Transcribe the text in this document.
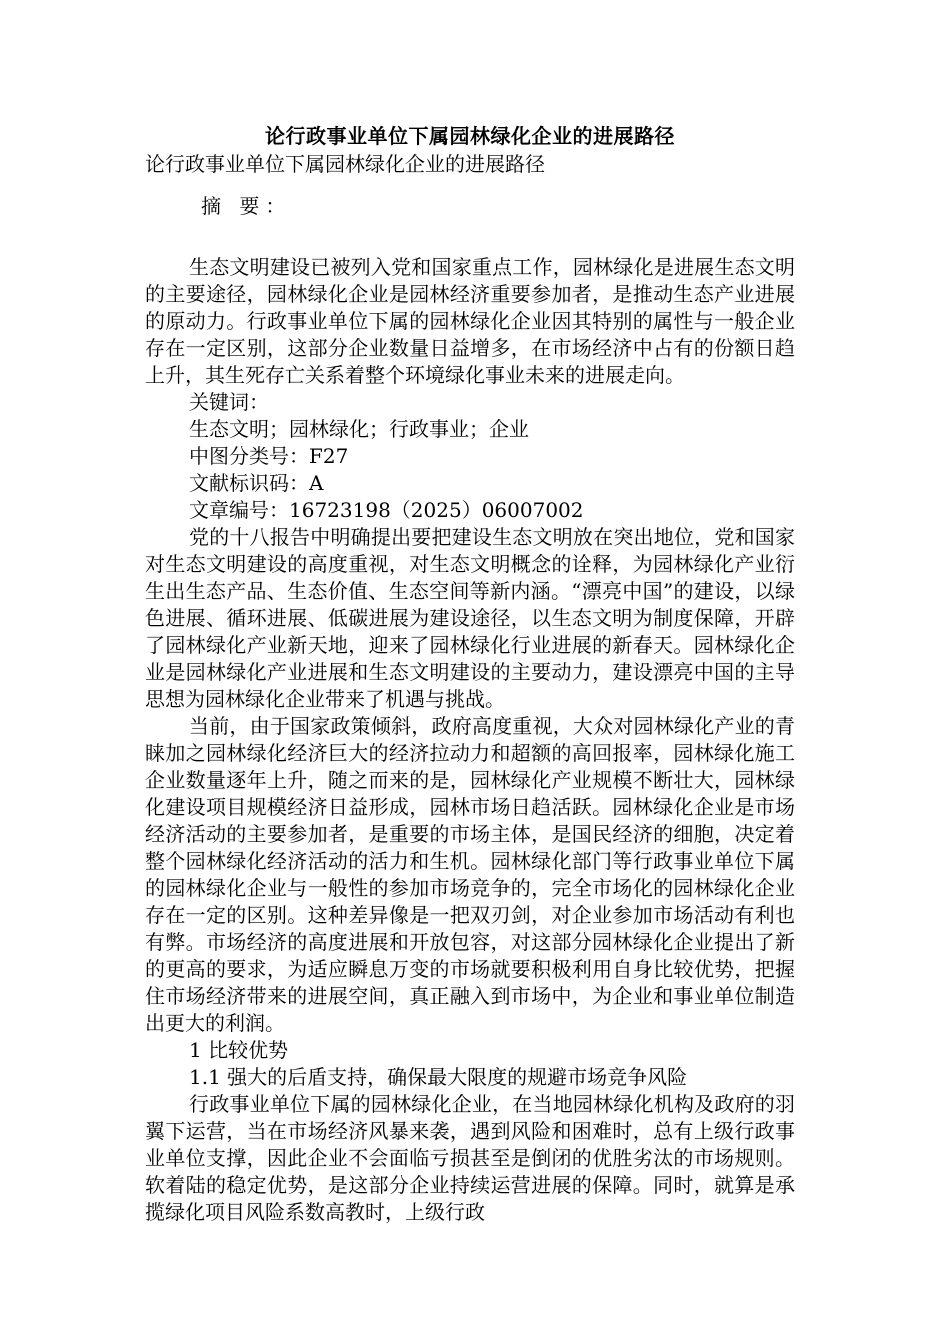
论行政事业单位下属园林绿化企业的进展路径

论行政事业单位下属园林绿化企业的进展路径

摘 要：

生态文明建设已被列入党和国家重点工作，园林绿化是进展生态文明的主要途径，园林绿化企业是园林经济重要参加者，是推动生态产业进展的原动力。行政事业单位下属的园林绿化企业因其特别的属性与一般企业存在一定区别，这部分企业数量日益增多，在市场经济中占有的份额日趋上升，其生死存亡关系着整个环境绿化事业未来的进展走向。

关键词：

生态文明；园林绿化；行政事业；企业

中图分类号：F27

文献标识码：A

文章编号：16723198（2025）06007002

党的十八报告中明确提出要把建设生态文明放在突出地位，党和国家对生态文明建设的高度重视，对生态文明概念的诠释，为园林绿化产业衍生出生态产品、生态价值、生态空间等新内涵。“漂亮中国”的建设，以绿色进展、循环进展、低碳进展为建设途径，以生态文明为制度保障，开辟了园林绿化产业新天地，迎来了园林绿化行业进展的新春天。园林绿化企业是园林绿化产业进展和生态文明建设的主要动力，建设漂亮中国的主导思想为园林绿化企业带来了机遇与挑战。

当前，由于国家政策倾斜，政府高度重视，大众对园林绿化产业的青睐加之园林绿化经济巨大的经济拉动力和超额的高回报率，园林绿化施工企业数量逐年上升，随之而来的是，园林绿化产业规模不断壮大，园林绿化建设项目规模经济日益形成，园林市场日趋活跃。园林绿化企业是市场经济活动的主要参加者，是重要的市场主体，是国民经济的细胞，决定着整个园林绿化经济活动的活力和生机。园林绿化部门等行政事业单位下属的园林绿化企业与一般性的参加市场竞争的，完全市场化的园林绿化企业存在一定的区别。这种差异像是一把双刃剑，对企业参加市场活动有利也有弊。市场经济的高度进展和开放包容，对这部分园林绿化企业提出了新的更高的要求，为适应瞬息万变的市场就要积极利用自身比较优势，把握住市场经济带来的进展空间，真正融入到市场中，为企业和事业单位制造出更大的利润。

1 比较优势

1.1 强大的后盾支持，确保最大限度的规避市场竞争风险

行政事业单位下属的园林绿化企业，在当地园林绿化机构及政府的羽翼下运营，当在市场经济风暴来袭，遇到风险和困难时，总有上级行政事业单位支撑，因此企业不会面临亏损甚至是倒闭的优胜劣汰的市场规则。软着陆的稳定优势，是这部分企业持续运营进展的保障。同时，就算是承揽绿化项目风险系数高教时，上级行政
